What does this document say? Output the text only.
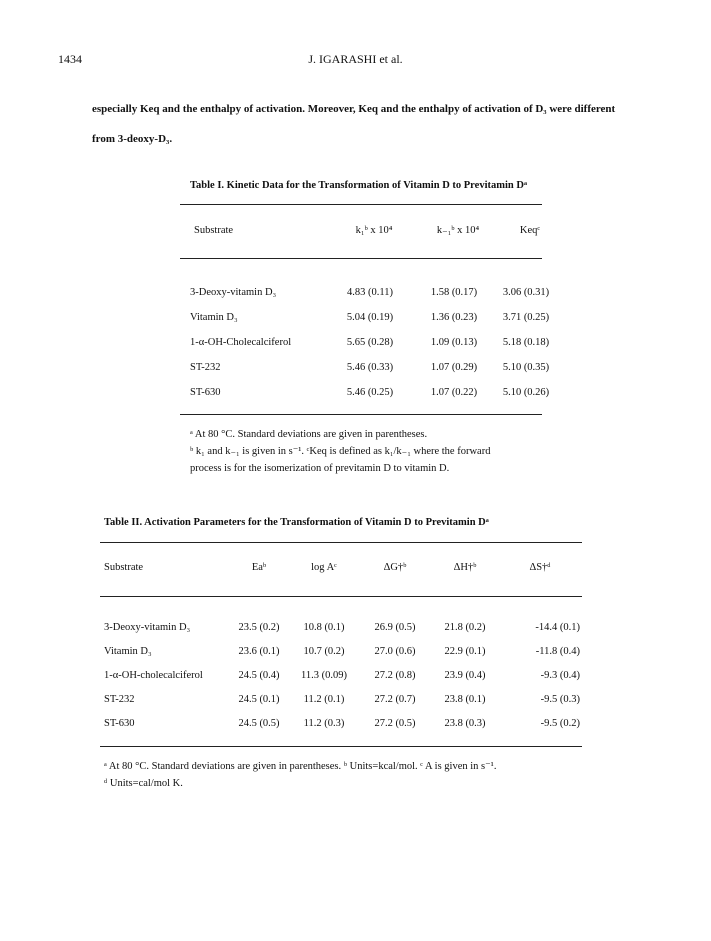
1434	J. IGARASHI et al.
especially Keq and the enthalpy of activation. Moreover, Keq and the enthalpy of activation of D₃ were different
from 3-deoxy-D₃.
Table I. Kinetic Data for the Transformation of Vitamin D to Previtamin Dᵃ
Substrate	k₁ᵇ x 10⁴	k₋₁ᵇ x 10⁴	Keqᶜ
3-Deoxy-vitamin D₃	4.83 (0.11)	1.58 (0.17)	3.06 (0.31)
Vitamin D₃	5.04 (0.19)	1.36 (0.23)	3.71 (0.25)
1-α-OH-Cholecalciferol	5.65 (0.28)	1.09 (0.13)	5.18 (0.18)
ST-232	5.46 (0.33)	1.07 (0.29)	5.10 (0.35)
ST-630	5.46 (0.25)	1.07 (0.22)	5.10 (0.26)
ᵃ At 80 °C. Standard deviations are given in parentheses.
ᵇ k₁ and k₋₁ is given in s⁻¹. ᶜKeq is defined as k₁/k₋₁ where the forward
process is for the isomerization of previtamin D to vitamin D.
Table II. Activation Parameters for the Transformation of Vitamin D to Previtamin Dᵃ
Substrate	Eaᵇ	log Aᶜ	ΔG†ᵇ	ΔH†ᵇ	ΔS†ᵈ
3-Deoxy-vitamin D₃	23.5 (0.2)	10.8 (0.1)	26.9 (0.5)	21.8 (0.2)	-14.4 (0.1)
Vitamin D₃	23.6 (0.1)	10.7 (0.2)	27.0 (0.6)	22.9 (0.1)	-11.8 (0.4)
1-α-OH-cholecalciferol	24.5 (0.4)	11.3 (0.09)	27.2 (0.8)	23.9 (0.4)	-9.3 (0.4)
ST-232	24.5 (0.1)	11.2 (0.1)	27.2 (0.7)	23.8 (0.1)	-9.5 (0.3)
ST-630	24.5 (0.5)	11.2 (0.3)	27.2 (0.5)	23.8 (0.3)	-9.5 (0.2)
ᵃ At 80 °C. Standard deviations are given in parentheses. ᵇ Units=kcal/mol. ᶜ A is given in s⁻¹.
ᵈ Units=cal/mol K.
